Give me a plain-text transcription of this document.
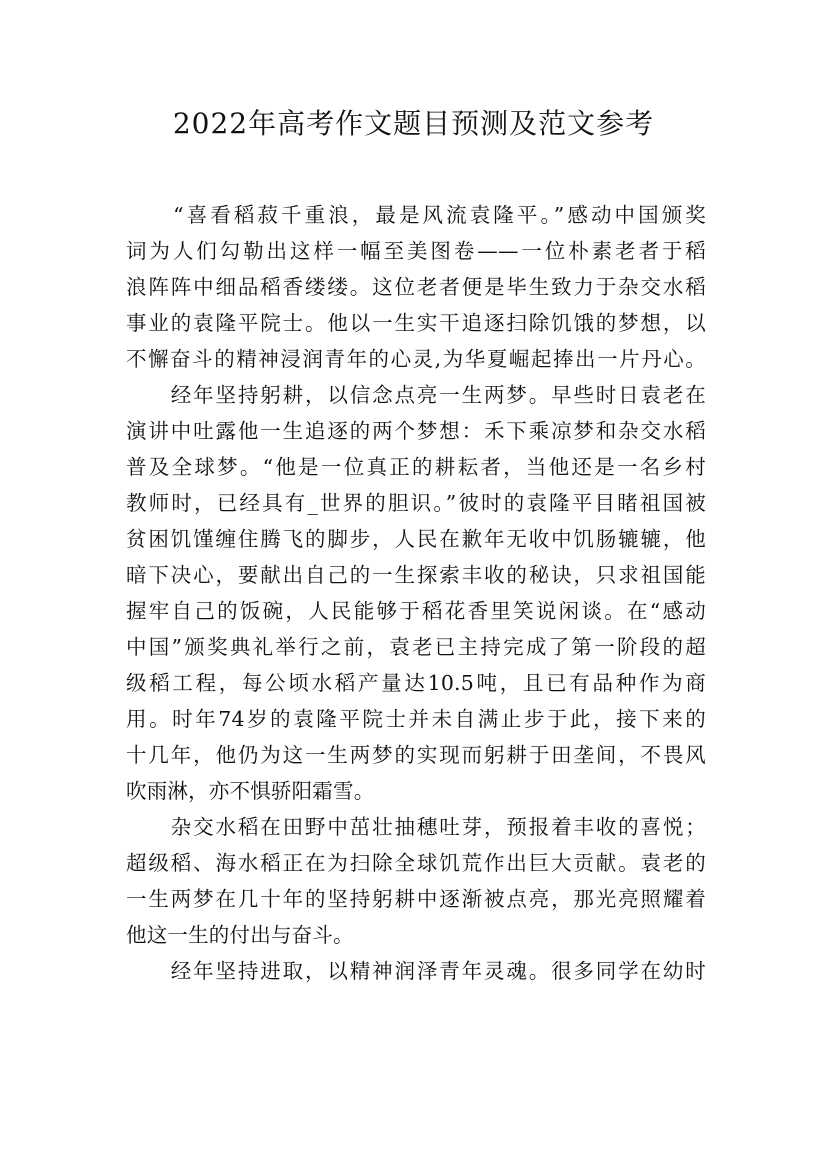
2022年高考作文题目预测及范文参考
　　“喜看稻菽千重浪，最是风流袁隆平。”感动中国颁奖
词为人们勾勒出这样一幅至美图卷——一位朴素老者于稻
浪阵阵中细品稻香缕缕。这位老者便是毕生致力于杂交水稻
事业的袁隆平院士。他以一生实干追逐扫除饥饿的梦想，以
不懈奋斗的精神浸润青年的心灵,为华夏崛起捧出一片丹心。
　　经年坚持躬耕，以信念点亮一生两梦。早些时日袁老在
演讲中吐露他一生追逐的两个梦想：禾下乘凉梦和杂交水稻
普及全球梦。“他是一位真正的耕耘者，当他还是一名乡村
教师时，已经具有_世界的胆识。”彼时的袁隆平目睹祖国被
贫困饥馑缠住腾飞的脚步，人民在歉年无收中饥肠辘辘，他
暗下决心，要献出自己的一生探索丰收的秘诀，只求祖国能
握牢自己的饭碗，人民能够于稻花香里笑说闲谈。在“感动
中国”颁奖典礼举行之前，袁老已主持完成了第一阶段的超
级稻工程，每公顷水稻产量达10.5吨，且已有品种作为商
用。时年74岁的袁隆平院士并未自满止步于此，接下来的
十几年，他仍为这一生两梦的实现而躬耕于田垄间，不畏风
吹雨淋，亦不惧骄阳霜雪。
　　杂交水稻在田野中茁壮抽穗吐芽，预报着丰收的喜悦；
超级稻、海水稻正在为扫除全球饥荒作出巨大贡献。袁老的
一生两梦在几十年的坚持躬耕中逐渐被点亮，那光亮照耀着
他这一生的付出与奋斗。
　　经年坚持进取，以精神润泽青年灵魂。很多同学在幼时
